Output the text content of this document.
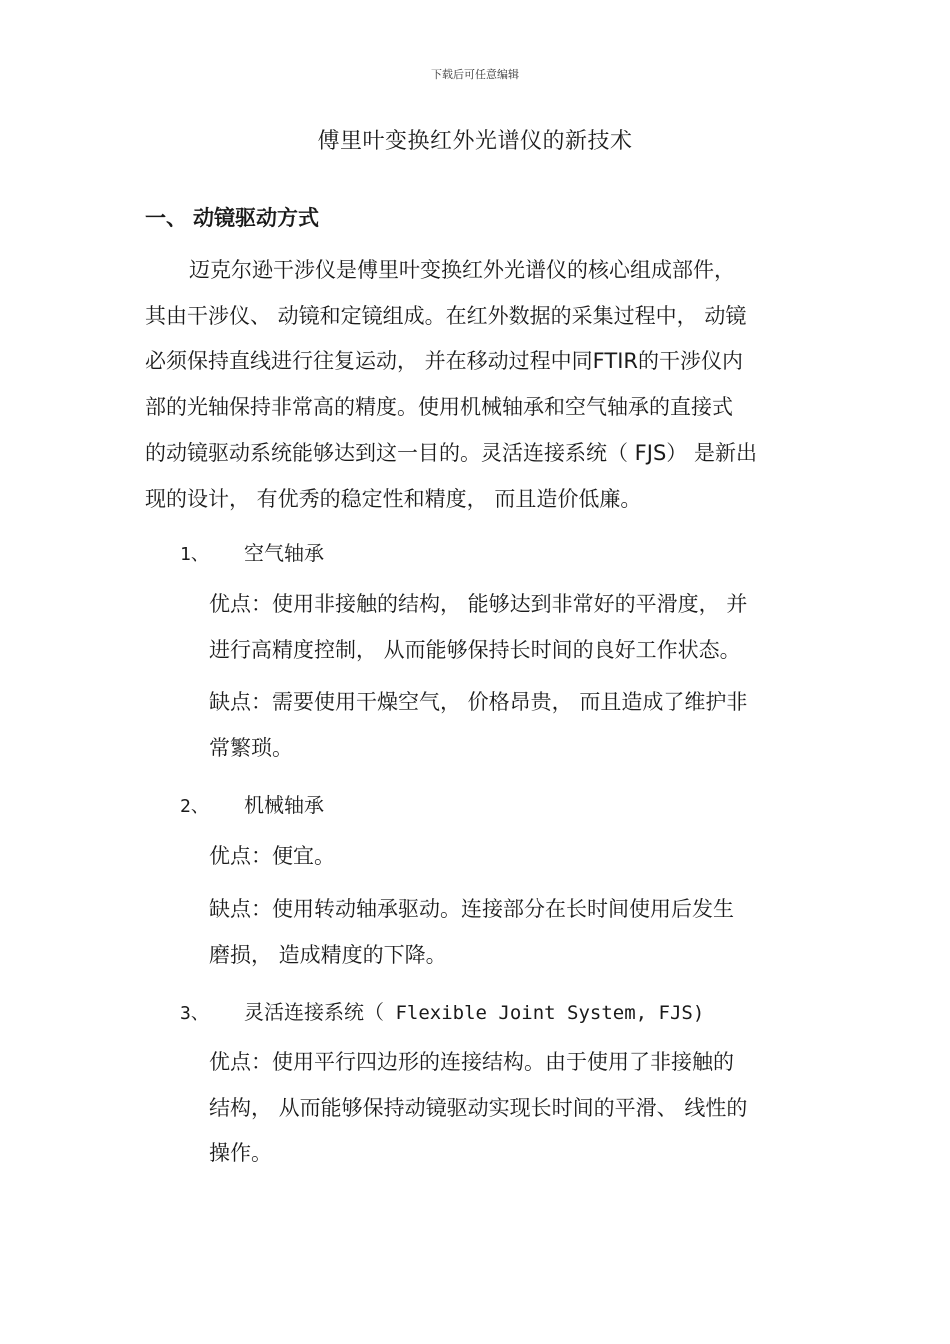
下载后可任意编辑
傅里叶变换红外光谱仪的新技术
一、 动镜驱动方式

迈克尔逊干涉仪是傅里叶变换红外光谱仪的核心组成部件，
其由干涉仪、 动镜和定镜组成。在红外数据的采集过程中， 动镜
必须保持直线进行往复运动， 并在移动过程中同FTIR的干涉仪内
部的光轴保持非常高的精度。使用机械轴承和空气轴承的直接式
的动镜驱动系统能够达到这一目的。灵活连接系统（ FJS） 是新出
现的设计， 有优秀的稳定性和精度， 而且造价低廉。

1、 空气轴承

优点：使用非接触的结构， 能够达到非常好的平滑度， 并
进行高精度控制， 从而能够保持长时间的良好工作状态。

缺点：需要使用干燥空气， 价格昂贵， 而且造成了维护非
常繁琐。

2、 机械轴承

优点：便宜。

缺点：使用转动轴承驱动。连接部分在长时间使用后发生
磨损， 造成精度的下降。

3、 灵活连接系统（ Flexible Joint System, FJS)

优点：使用平行四边形的连接结构。由于使用了非接触的
结构， 从而能够保持动镜驱动实现长时间的平滑、 线性的
操作。
